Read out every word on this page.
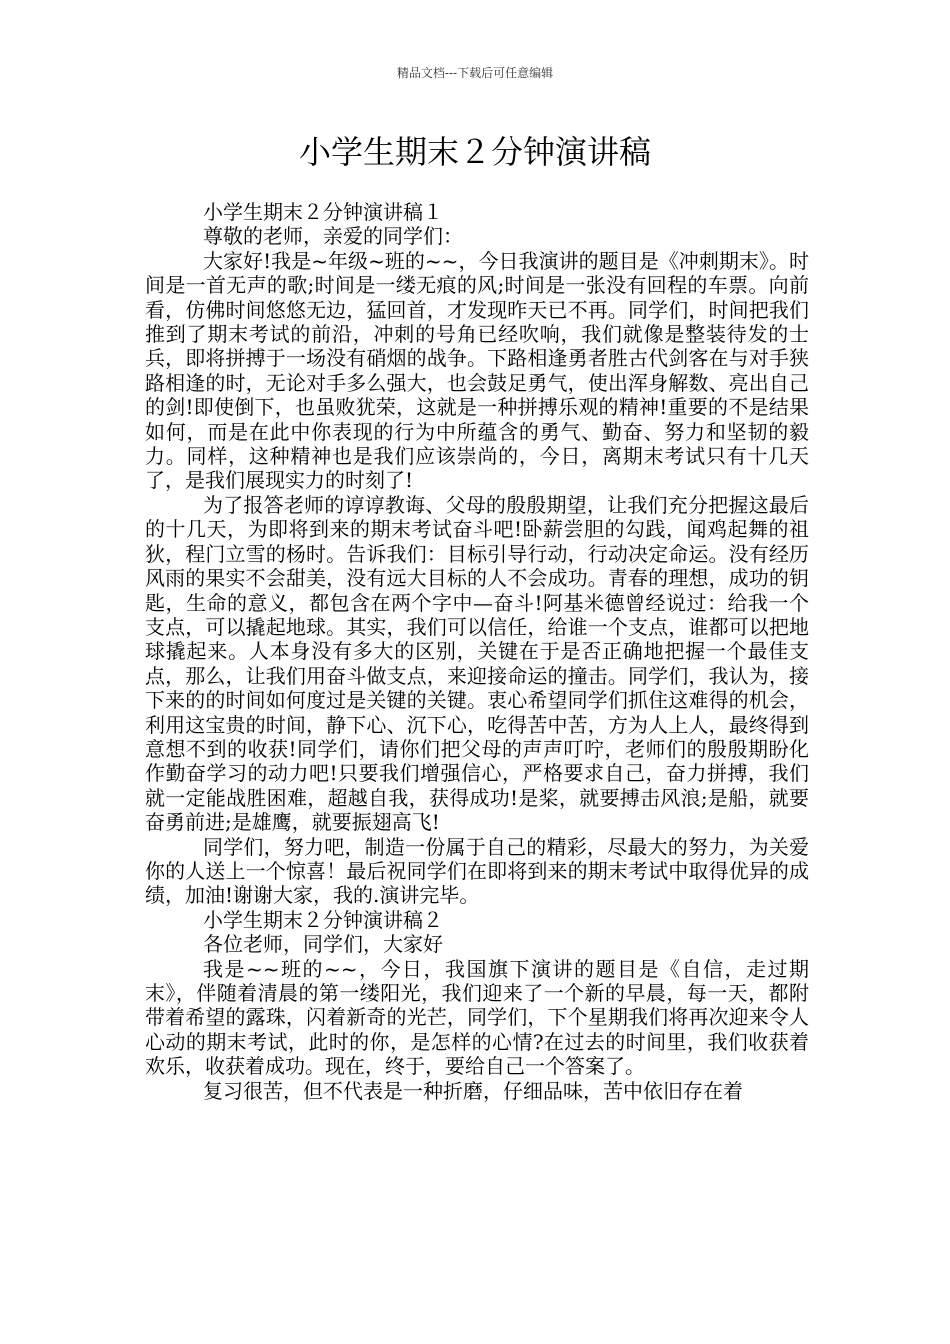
精品文档---下载后可任意编辑
小学生期末２分钟演讲稿

小学生期末２分钟演讲稿１

尊敬的老师，亲爱的同学们：

大家好!我是~年级~班的~~，今日我演讲的题目是《冲刺期末》。时间是一首无声的歌;时间是一缕无痕的风;时间是一张没有回程的车票。向前看，仿佛时间悠悠无边，猛回首，才发现昨天已不再。同学们，时间把我们推到了期末考试的前沿，冲刺的号角已经吹响，我们就像是整装待发的士兵，即将拼搏于一场没有硝烟的战争。下路相逢勇者胜古代剑客在与对手狭路相逢的时，无论对手多么强大，也会鼓足勇气，使出浑身解数、亮出自己的剑!即使倒下，也虽败犹荣，这就是一种拼搏乐观的精神!重要的不是结果如何，而是在此中你表现的行为中所蕴含的勇气、勤奋、努力和坚韧的毅力。同样，这种精神也是我们应该崇尚的，今日，离期末考试只有十几天了，是我们展现实力的时刻了!

为了报答老师的谆谆教诲、父母的殷殷期望，让我们充分把握这最后的十几天，为即将到来的期末考试奋斗吧!卧薪尝胆的勾践，闻鸡起舞的祖狄，程门立雪的杨时。告诉我们：目标引导行动，行动决定命运。没有经历风雨的果实不会甜美，没有远大目标的人不会成功。青春的理想，成功的钥匙，生命的意义，都包含在两个字中—奋斗!阿基米德曾经说过：给我一个支点，可以撬起地球。其实，我们可以信任，给谁一个支点，谁都可以把地球撬起来。人本身没有多大的区别，关键在于是否正确地把握一个最佳支点，那么，让我们用奋斗做支点，来迎接命运的撞击。同学们，我认为，接下来的的时间如何度过是关键的关键。衷心希望同学们抓住这难得的机会，利用这宝贵的时间，静下心、沉下心，吃得苦中苦，方为人上人，最终得到意想不到的收获!同学们，请你们把父母的声声叮咛，老师们的殷殷期盼化作勤奋学习的动力吧!只要我们增强信心，严格要求自己，奋力拼搏，我们就一定能战胜困难，超越自我，获得成功!是桨，就要搏击风浪;是船，就要奋勇前进;是雄鹰，就要振翅高飞!

同学们，努力吧，制造一份属于自己的精彩，尽最大的努力，为关爱你的人送上一个惊喜！最后祝同学们在即将到来的期末考试中取得优异的成绩，加油!谢谢大家，我的.演讲完毕。

小学生期末２分钟演讲稿２

各位老师，同学们，大家好

我是~~班的~~，今日，我国旗下演讲的题目是《自信，走过期末》，伴随着清晨的第一缕阳光，我们迎来了一个新的早晨，每一天，都附带着希望的露珠，闪着新奇的光芒，同学们，下个星期我们将再次迎来令人心动的期末考试，此时的你，是怎样的心情?在过去的时间里，我们收获着欢乐，收获着成功。现在，终于，要给自己一个答案了。

复习很苦，但不代表是一种折磨，仔细品味，苦中依旧存在着
